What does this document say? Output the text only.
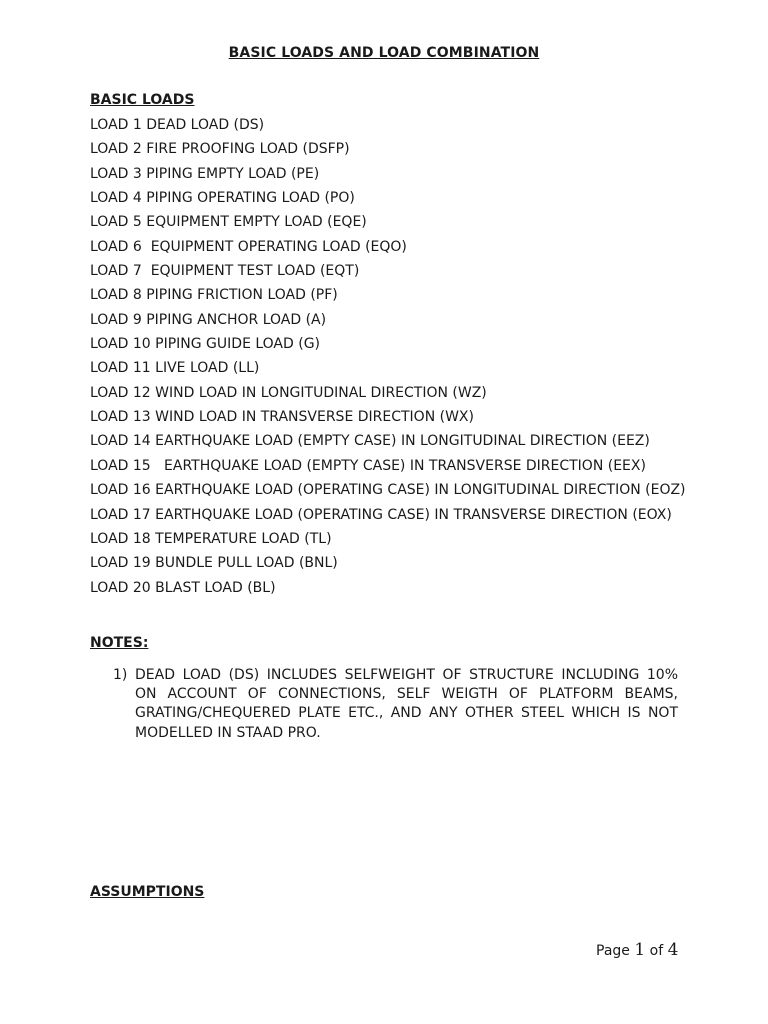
BASIC LOADS AND LOAD COMBINATION
BASIC LOADS
LOAD 1 DEAD LOAD (DS)
LOAD 2 FIRE PROOFING LOAD (DSFP)
LOAD 3 PIPING EMPTY LOAD (PE)
LOAD 4 PIPING OPERATING LOAD (PO)
LOAD 5 EQUIPMENT EMPTY LOAD (EQE)
LOAD 6  EQUIPMENT OPERATING LOAD (EQO)
LOAD 7  EQUIPMENT TEST LOAD (EQT)
LOAD 8 PIPING FRICTION LOAD (PF)
LOAD 9 PIPING ANCHOR LOAD (A)
LOAD 10 PIPING GUIDE LOAD (G)
LOAD 11 LIVE LOAD (LL)
LOAD 12 WIND LOAD IN LONGITUDINAL DIRECTION (WZ)
LOAD 13 WIND LOAD IN TRANSVERSE DIRECTION (WX)
LOAD 14 EARTHQUAKE LOAD (EMPTY CASE) IN LONGITUDINAL DIRECTION (EEZ)
LOAD 15   EARTHQUAKE LOAD (EMPTY CASE) IN TRANSVERSE DIRECTION (EEX)
LOAD 16 EARTHQUAKE LOAD (OPERATING CASE) IN LONGITUDINAL DIRECTION (EOZ)
LOAD 17 EARTHQUAKE LOAD (OPERATING CASE) IN TRANSVERSE DIRECTION (EOX)
LOAD 18 TEMPERATURE LOAD (TL)
LOAD 19 BUNDLE PULL LOAD (BNL)
LOAD 20 BLAST LOAD (BL)
NOTES:
1) DEAD LOAD (DS) INCLUDES SELFWEIGHT OF STRUCTURE INCLUDING 10% ON ACCOUNT OF CONNECTIONS, SELF WEIGTH OF PLATFORM BEAMS, GRATING/CHEQUERED PLATE ETC., AND ANY OTHER STEEL WHICH IS NOT MODELLED IN STAAD PRO.
ASSUMPTIONS
Page 1 of 4
